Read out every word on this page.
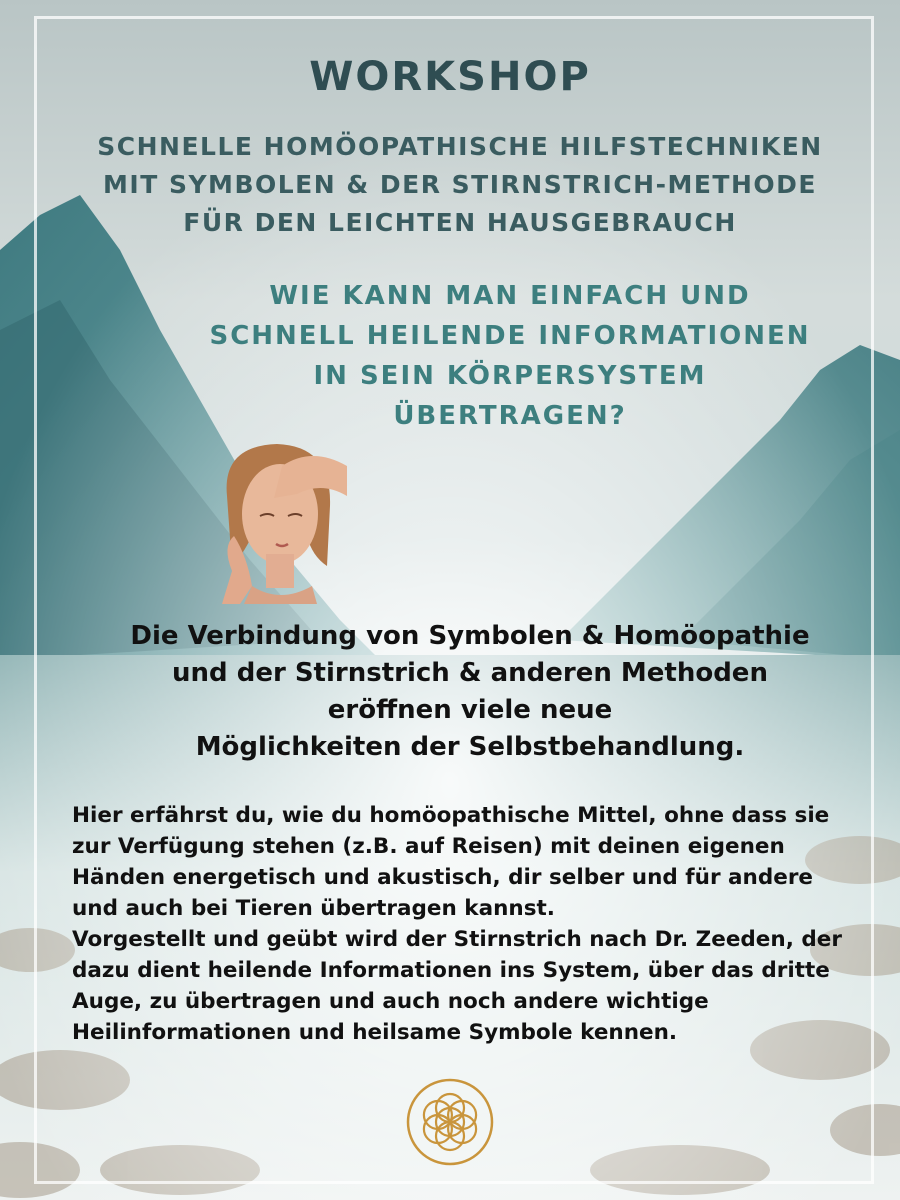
WORKSHOP
SCHNELLE HOMÖOPATHISCHE HILFSTECHNIKEN
MIT SYMBOLEN & DER STIRNSTRICH-METHODE
FÜR DEN LEICHTEN HAUSGEBRAUCH
WIE KANN MAN EINFACH UND
SCHNELL HEILENDE INFORMATIONEN
IN SEIN KÖRPERSYSTEM
ÜBERTRAGEN?
Die Verbindung von Symbolen & Homöopathie
und der Stirnstrich & anderen Methoden
eröffnen viele neue
Möglichkeiten der Selbstbehandlung.

Hier erfährst du, wie du homöopathische Mittel, ohne dass sie zur Verfügung stehen (z.B. auf Reisen) mit deinen eigenen Händen energetisch und akustisch, dir selber und für andere und auch bei Tieren übertragen kannst.

Vorgestellt und geübt wird der Stirnstrich nach Dr. Zeeden, der dazu dient heilende Informationen ins System, über das dritte Auge, zu übertragen und auch noch andere wichtige Heilinformationen und heilsame Symbole kennen.
